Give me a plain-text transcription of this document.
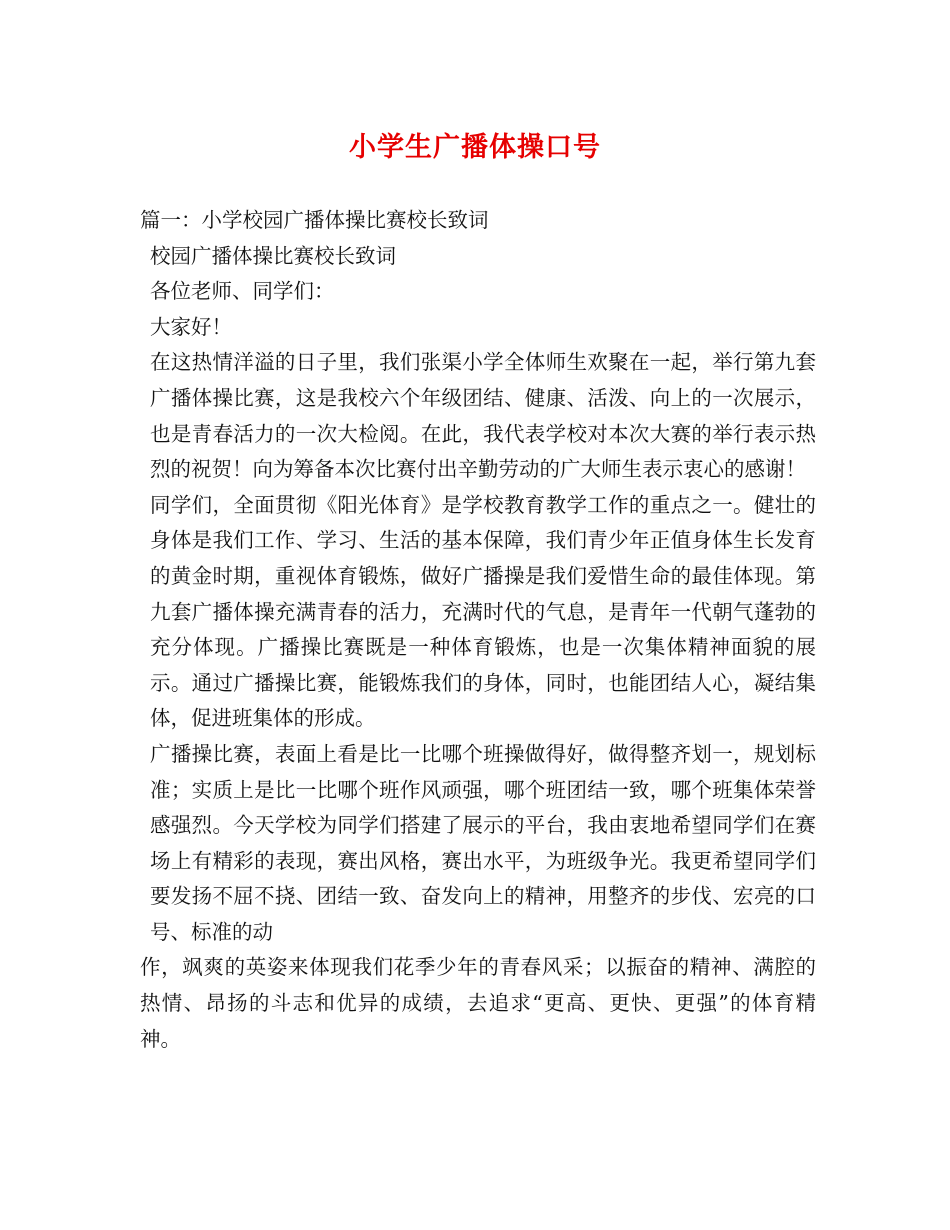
小学生广播体操口号

篇一：小学校园广播体操比赛校长致词

校园广播体操比赛校长致词

各位老师、同学们：

大家好！

在这热情洋溢的日子里，我们张渠小学全体师生欢聚在一起，举行第九套广播体操比赛，这是我校六个年级团结、健康、活泼、向上的一次展示，也是青春活力的一次大检阅。在此，我代表学校对本次大赛的举行表示热烈的祝贺！向为筹备本次比赛付出辛勤劳动的广大师生表示衷心的感谢！

同学们，全面贯彻《阳光体育》是学校教育教学工作的重点之一。健壮的身体是我们工作、学习、生活的基本保障，我们青少年正值身体生长发育的黄金时期，重视体育锻炼，做好广播操是我们爱惜生命的最佳体现。第九套广播体操充满青春的活力，充满时代的气息，是青年一代朝气蓬勃的充分体现。广播操比赛既是一种体育锻炼，也是一次集体精神面貌的展示。通过广播操比赛，能锻炼我们的身体，同时，也能团结人心，凝结集体，促进班集体的形成。

广播操比赛，表面上看是比一比哪个班操做得好，做得整齐划一，规划标准；实质上是比一比哪个班作风顽强，哪个班团结一致，哪个班集体荣誉感强烈。今天学校为同学们搭建了展示的平台，我由衷地希望同学们在赛场上有精彩的表现，赛出风格，赛出水平，为班级争光。我更希望同学们要发扬不屈不挠、团结一致、奋发向上的精神，用整齐的步伐、宏亮的口号、标准的动

作，飒爽的英姿来体现我们花季少年的青春风采；以振奋的精神、满腔的热情、昂扬的斗志和优异的成绩，去追求“更高、更快、更强”的体育精神。
